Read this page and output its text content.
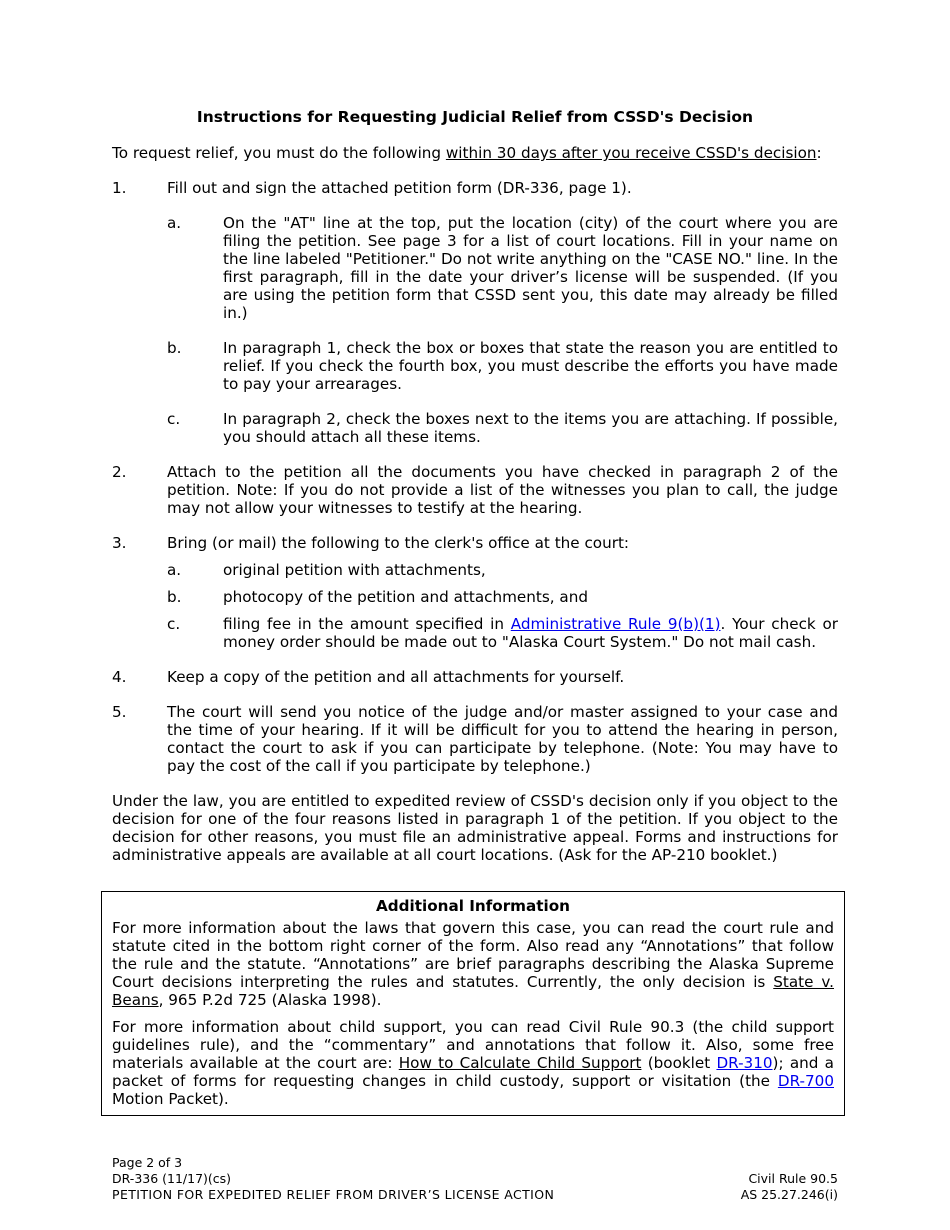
Instructions for Requesting Judicial Relief from CSSD's Decision

To request relief, you must do the following within 30 days after you receive CSSD's decision:

1.	Fill out and sign the attached petition form (DR-336, page 1).
a.	On the "AT" line at the top, put the location (city) of the court where you are filing the petition. See page 3 for a list of court locations. Fill in your name on the line labeled "Petitioner." Do not write anything on the "CASE NO." line. In the first paragraph, fill in the date your driver’s license will be suspended. (If you are using the petition form that CSSD sent you, this date may already be filled in.)
b.	In paragraph 1, check the box or boxes that state the reason you are entitled to relief. If you check the fourth box, you must describe the efforts you have made to pay your arrearages.
c.	In paragraph 2, check the boxes next to the items you are attaching. If possible, you should attach all these items.
2.	Attach to the petition all the documents you have checked in paragraph 2 of the petition. Note: If you do not provide a list of the witnesses you plan to call, the judge may not allow your witnesses to testify at the hearing.
3.	Bring (or mail) the following to the clerk's office at the court:
a.	original petition with attachments,
b.	photocopy of the petition and attachments, and
c.	filing fee in the amount specified in Administrative Rule 9(b)(1). Your check or money order should be made out to "Alaska Court System." Do not mail cash.
4.	Keep a copy of the petition and all attachments for yourself.
5.	The court will send you notice of the judge and/or master assigned to your case and the time of your hearing. If it will be difficult for you to attend the hearing in person, contact the court to ask if you can participate by telephone. (Note: You may have to pay the cost of the call if you participate by telephone.)

Under the law, you are entitled to expedited review of CSSD's decision only if you object to the decision for one of the four reasons listed in paragraph 1 of the petition. If you object to the decision for other reasons, you must file an administrative appeal. Forms and instructions for administrative appeals are available at all court locations. (Ask for the AP-210 booklet.)

Additional Information

For more information about the laws that govern this case, you can read the court rule and statute cited in the bottom right corner of the form. Also read any “Annotations” that follow the rule and the statute. “Annotations” are brief paragraphs describing the Alaska Supreme Court decisions interpreting the rules and statutes. Currently, the only decision is State v. Beans, 965 P.2d 725 (Alaska 1998).

For more information about child support, you can read Civil Rule 90.3 (the child support guidelines rule), and the “commentary” and annotations that follow it. Also, some free materials available at the court are: How to Calculate Child Support (booklet DR-310); and a packet of forms for requesting changes in child custody, support or visitation (the DR-700 Motion Packet).

Page 2 of 3
DR-336 (11/17)(cs)	Civil Rule 90.5
PETITION FOR EXPEDITED RELIEF FROM DRIVER’S LICENSE ACTION	AS 25.27.246(i)
